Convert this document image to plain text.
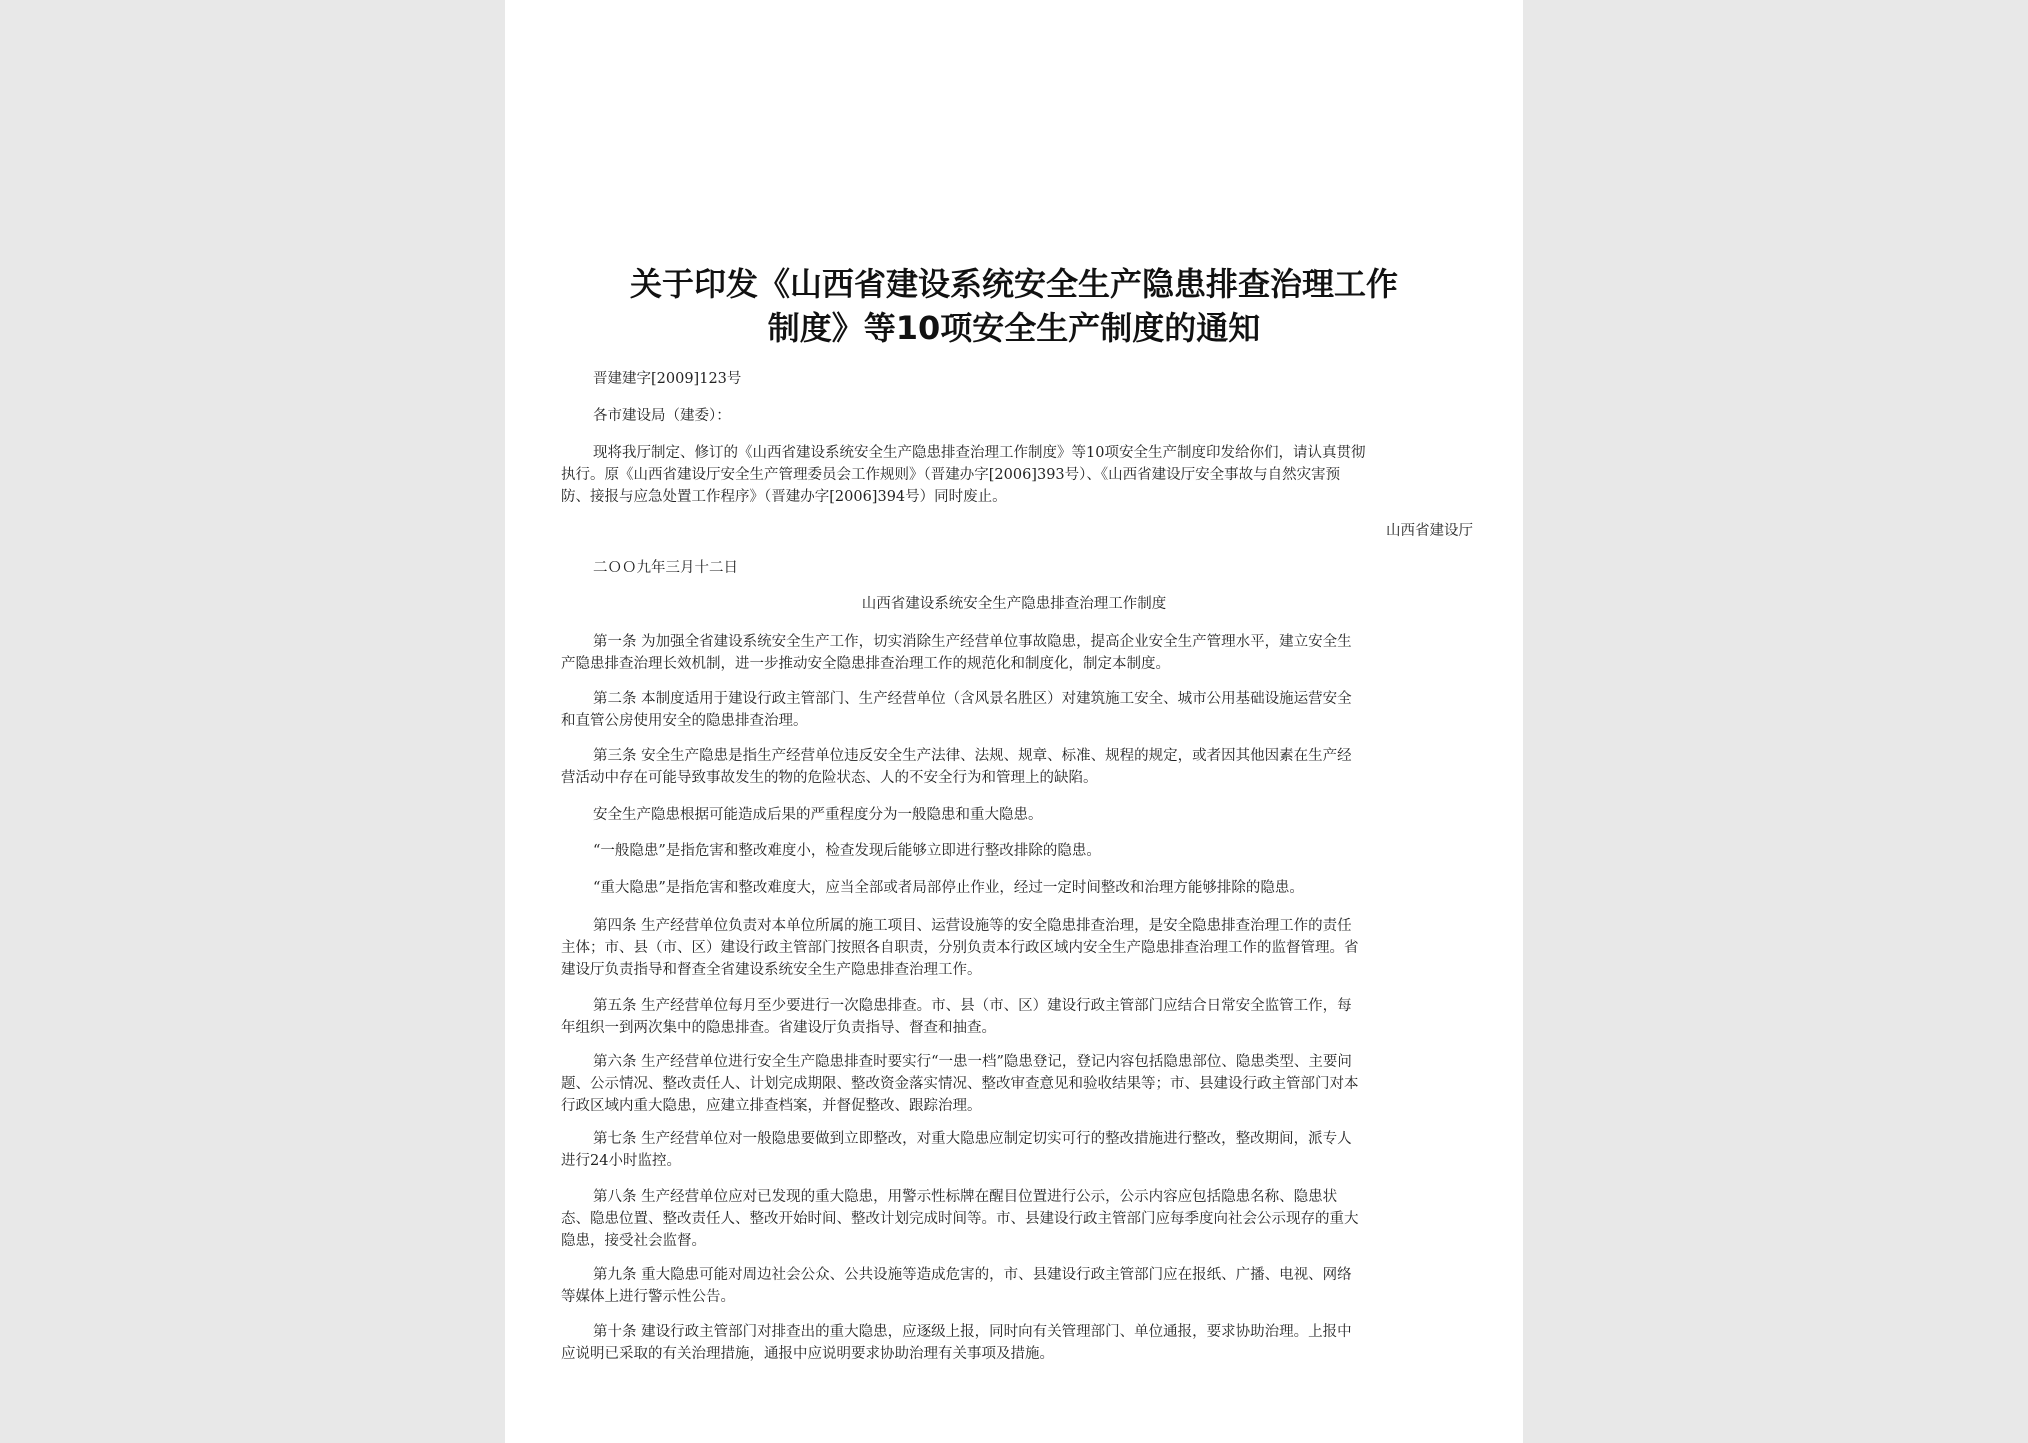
关于印发《山西省建设系统安全生产隐患排查治理工作
制度》等10项安全生产制度的通知
晋建建字[2009]123号
各市建设局（建委）：
现将我厅制定、修订的《山西省建设系统安全生产隐患排查治理工作制度》等10项安全生产制度印发给你们，请认真贯彻
执行。原《山西省建设厅安全生产管理委员会工作规则》（晋建办字[2006]393号）、《山西省建设厅安全事故与自然灾害预
防、接报与应急处置工作程序》（晋建办字[2006]394号）同时废止。
山西省建设厅
二ＯＯ九年三月十二日
山西省建设系统安全生产隐患排查治理工作制度
第一条 为加强全省建设系统安全生产工作，切实消除生产经营单位事故隐患，提高企业安全生产管理水平，建立安全生
产隐患排查治理长效机制，进一步推动安全隐患排查治理工作的规范化和制度化，制定本制度。
第二条 本制度适用于建设行政主管部门、生产经营单位（含风景名胜区）对建筑施工安全、城市公用基础设施运营安全
和直管公房使用安全的隐患排查治理。
第三条 安全生产隐患是指生产经营单位违反安全生产法律、法规、规章、标准、规程的规定，或者因其他因素在生产经
营活动中存在可能导致事故发生的物的危险状态、人的不安全行为和管理上的缺陷。
安全生产隐患根据可能造成后果的严重程度分为一般隐患和重大隐患。
“一般隐患”是指危害和整改难度小，检查发现后能够立即进行整改排除的隐患。
“重大隐患”是指危害和整改难度大，应当全部或者局部停止作业，经过一定时间整改和治理方能够排除的隐患。
第四条 生产经营单位负责对本单位所属的施工项目、运营设施等的安全隐患排查治理，是安全隐患排查治理工作的责任
主体；市、县（市、区）建设行政主管部门按照各自职责，分别负责本行政区域内安全生产隐患排查治理工作的监督管理。省
建设厅负责指导和督查全省建设系统安全生产隐患排查治理工作。
第五条 生产经营单位每月至少要进行一次隐患排查。市、县（市、区）建设行政主管部门应结合日常安全监管工作，每
年组织一到两次集中的隐患排查。省建设厅负责指导、督查和抽查。
第六条 生产经营单位进行安全生产隐患排查时要实行“一患一档”隐患登记，登记内容包括隐患部位、隐患类型、主要问
题、公示情况、整改责任人、计划完成期限、整改资金落实情况、整改审查意见和验收结果等；市、县建设行政主管部门对本
行政区域内重大隐患，应建立排查档案，并督促整改、跟踪治理。
第七条 生产经营单位对一般隐患要做到立即整改，对重大隐患应制定切实可行的整改措施进行整改，整改期间，派专人
进行24小时监控。
第八条 生产经营单位应对已发现的重大隐患，用警示性标牌在醒目位置进行公示，公示内容应包括隐患名称、隐患状
态、隐患位置、整改责任人、整改开始时间、整改计划完成时间等。市、县建设行政主管部门应每季度向社会公示现存的重大
隐患，接受社会监督。
第九条 重大隐患可能对周边社会公众、公共设施等造成危害的，市、县建设行政主管部门应在报纸、广播、电视、网络
等媒体上进行警示性公告。
第十条 建设行政主管部门对排查出的重大隐患，应逐级上报，同时向有关管理部门、单位通报，要求协助治理。上报中
应说明已采取的有关治理措施，通报中应说明要求协助治理有关事项及措施。
